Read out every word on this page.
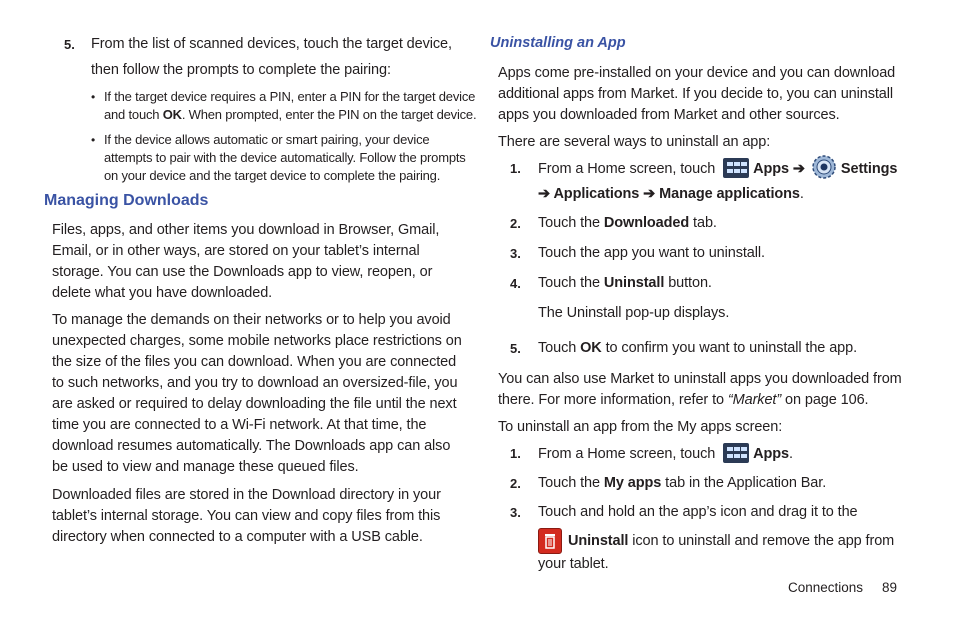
5. From the list of scanned devices, touch the target device,
then follow the prompts to complete the pairing:
• If the target device requires a PIN, enter a PIN for the target device
and touch OK. When prompted, enter the PIN on the target device.
• If the device allows automatic or smart pairing, your device
attempts to pair with the device automatically. Follow the prompts
on your device and the target device to complete the pairing.
Managing Downloads
Files, apps, and other items you download in Browser, Gmail,
Email, or in other ways, are stored on your tablet’s internal
storage. You can use the Downloads app to view, reopen, or
delete what you have downloaded.
To manage the demands on their networks or to help you avoid
unexpected charges, some mobile networks place restrictions on
the size of the files you can download. When you are connected
to such networks, and you try to download an oversized-file, you
are asked or required to delay downloading the file until the next
time you are connected to a Wi-Fi network. At that time, the
download resumes automatically. The Downloads app can also
be used to view and manage these queued files.
Downloaded files are stored in the Download directory in your
tablet’s internal storage. You can view and copy files from this
directory when connected to a computer with a USB cable.
Uninstalling an App
Apps come pre-installed on your device and you can download
additional apps from Market. If you decide to, you can uninstall
apps you downloaded from Market and other sources.
There are several ways to uninstall an app:
1. From a Home screen, touch	Apps ➔ Settings
➔ Applications ➔ Manage applications.
2. Touch the Downloaded tab.
3. Touch the app you want to uninstall.
4. Touch the Uninstall button.
The Uninstall pop-up displays.
5. Touch OK to confirm you want to uninstall the app.
You can also use Market to uninstall apps you downloaded from
there. For more information, refer to “Market” on page 106.
To uninstall an app from the My apps screen:
1. From a Home screen, touch	Apps.
2. Touch the My apps tab in the Application Bar.
3. Touch and hold an the app’s icon and drag it to the
Uninstall icon to uninstall and remove the app from
your tablet.
Connections 89
